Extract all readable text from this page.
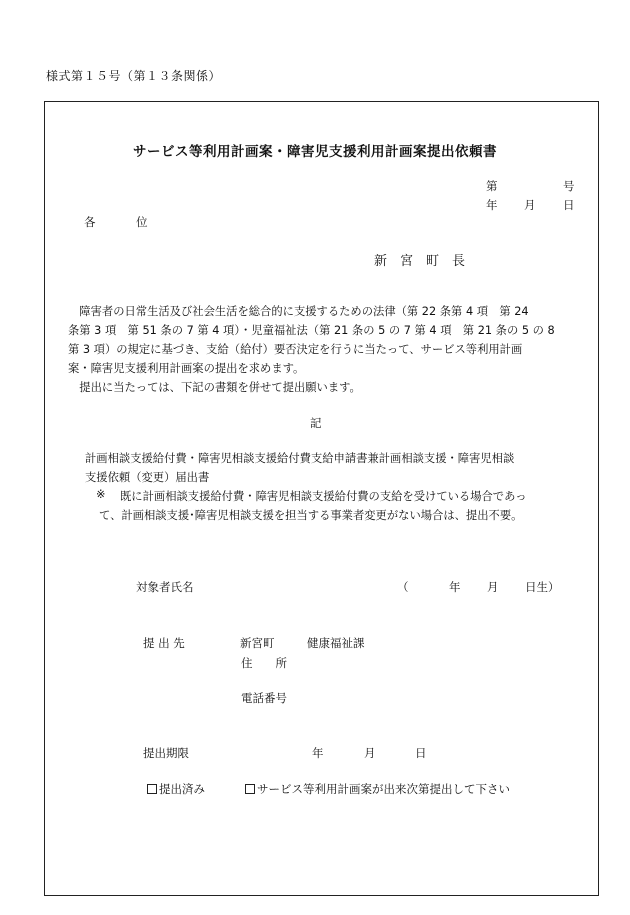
様式第１５号（第１３条関係）
サービス等利用計画案・障害児支援利用計画案提出依頼書
第	号
年 月 日
各	位
新　宮　町　長

障害者の日常生活及び社会生活を総合的に支援するための法律（第 22 条第 4 項　第 24

条第 3 項　第 51 条の 7 第 4 項）・児童福祉法（第 21 条の 5 の 7 第 4 項　第 21 条の 5 の 8

第 3 項）の規定に基づき、支給（給付）要否決定を行うに当たって、サービス等利用計画

案・障害児支援利用計画案の提出を求めます。

提出に当たっては、下記の書類を併せて提出願います。

記
計画相談支援給付費・障害児相談支援給付費支給申請書兼計画相談支援・障害児相談
支援依頼（変更）届出書
※ 既に計画相談支援給付費・障害児相談支援給付費の支給を受けている場合であっ
て、計画相談支援･障害児相談支援を担当する事業者変更がない場合は、提出不要。
対象者氏名	（	年 月 日生）
提 出 先	新宮町	健康福祉課
住　　所
電話番号
提出期限	年	月	日
提出済み	サービス等利用計画案が出来次第提出して下さい
